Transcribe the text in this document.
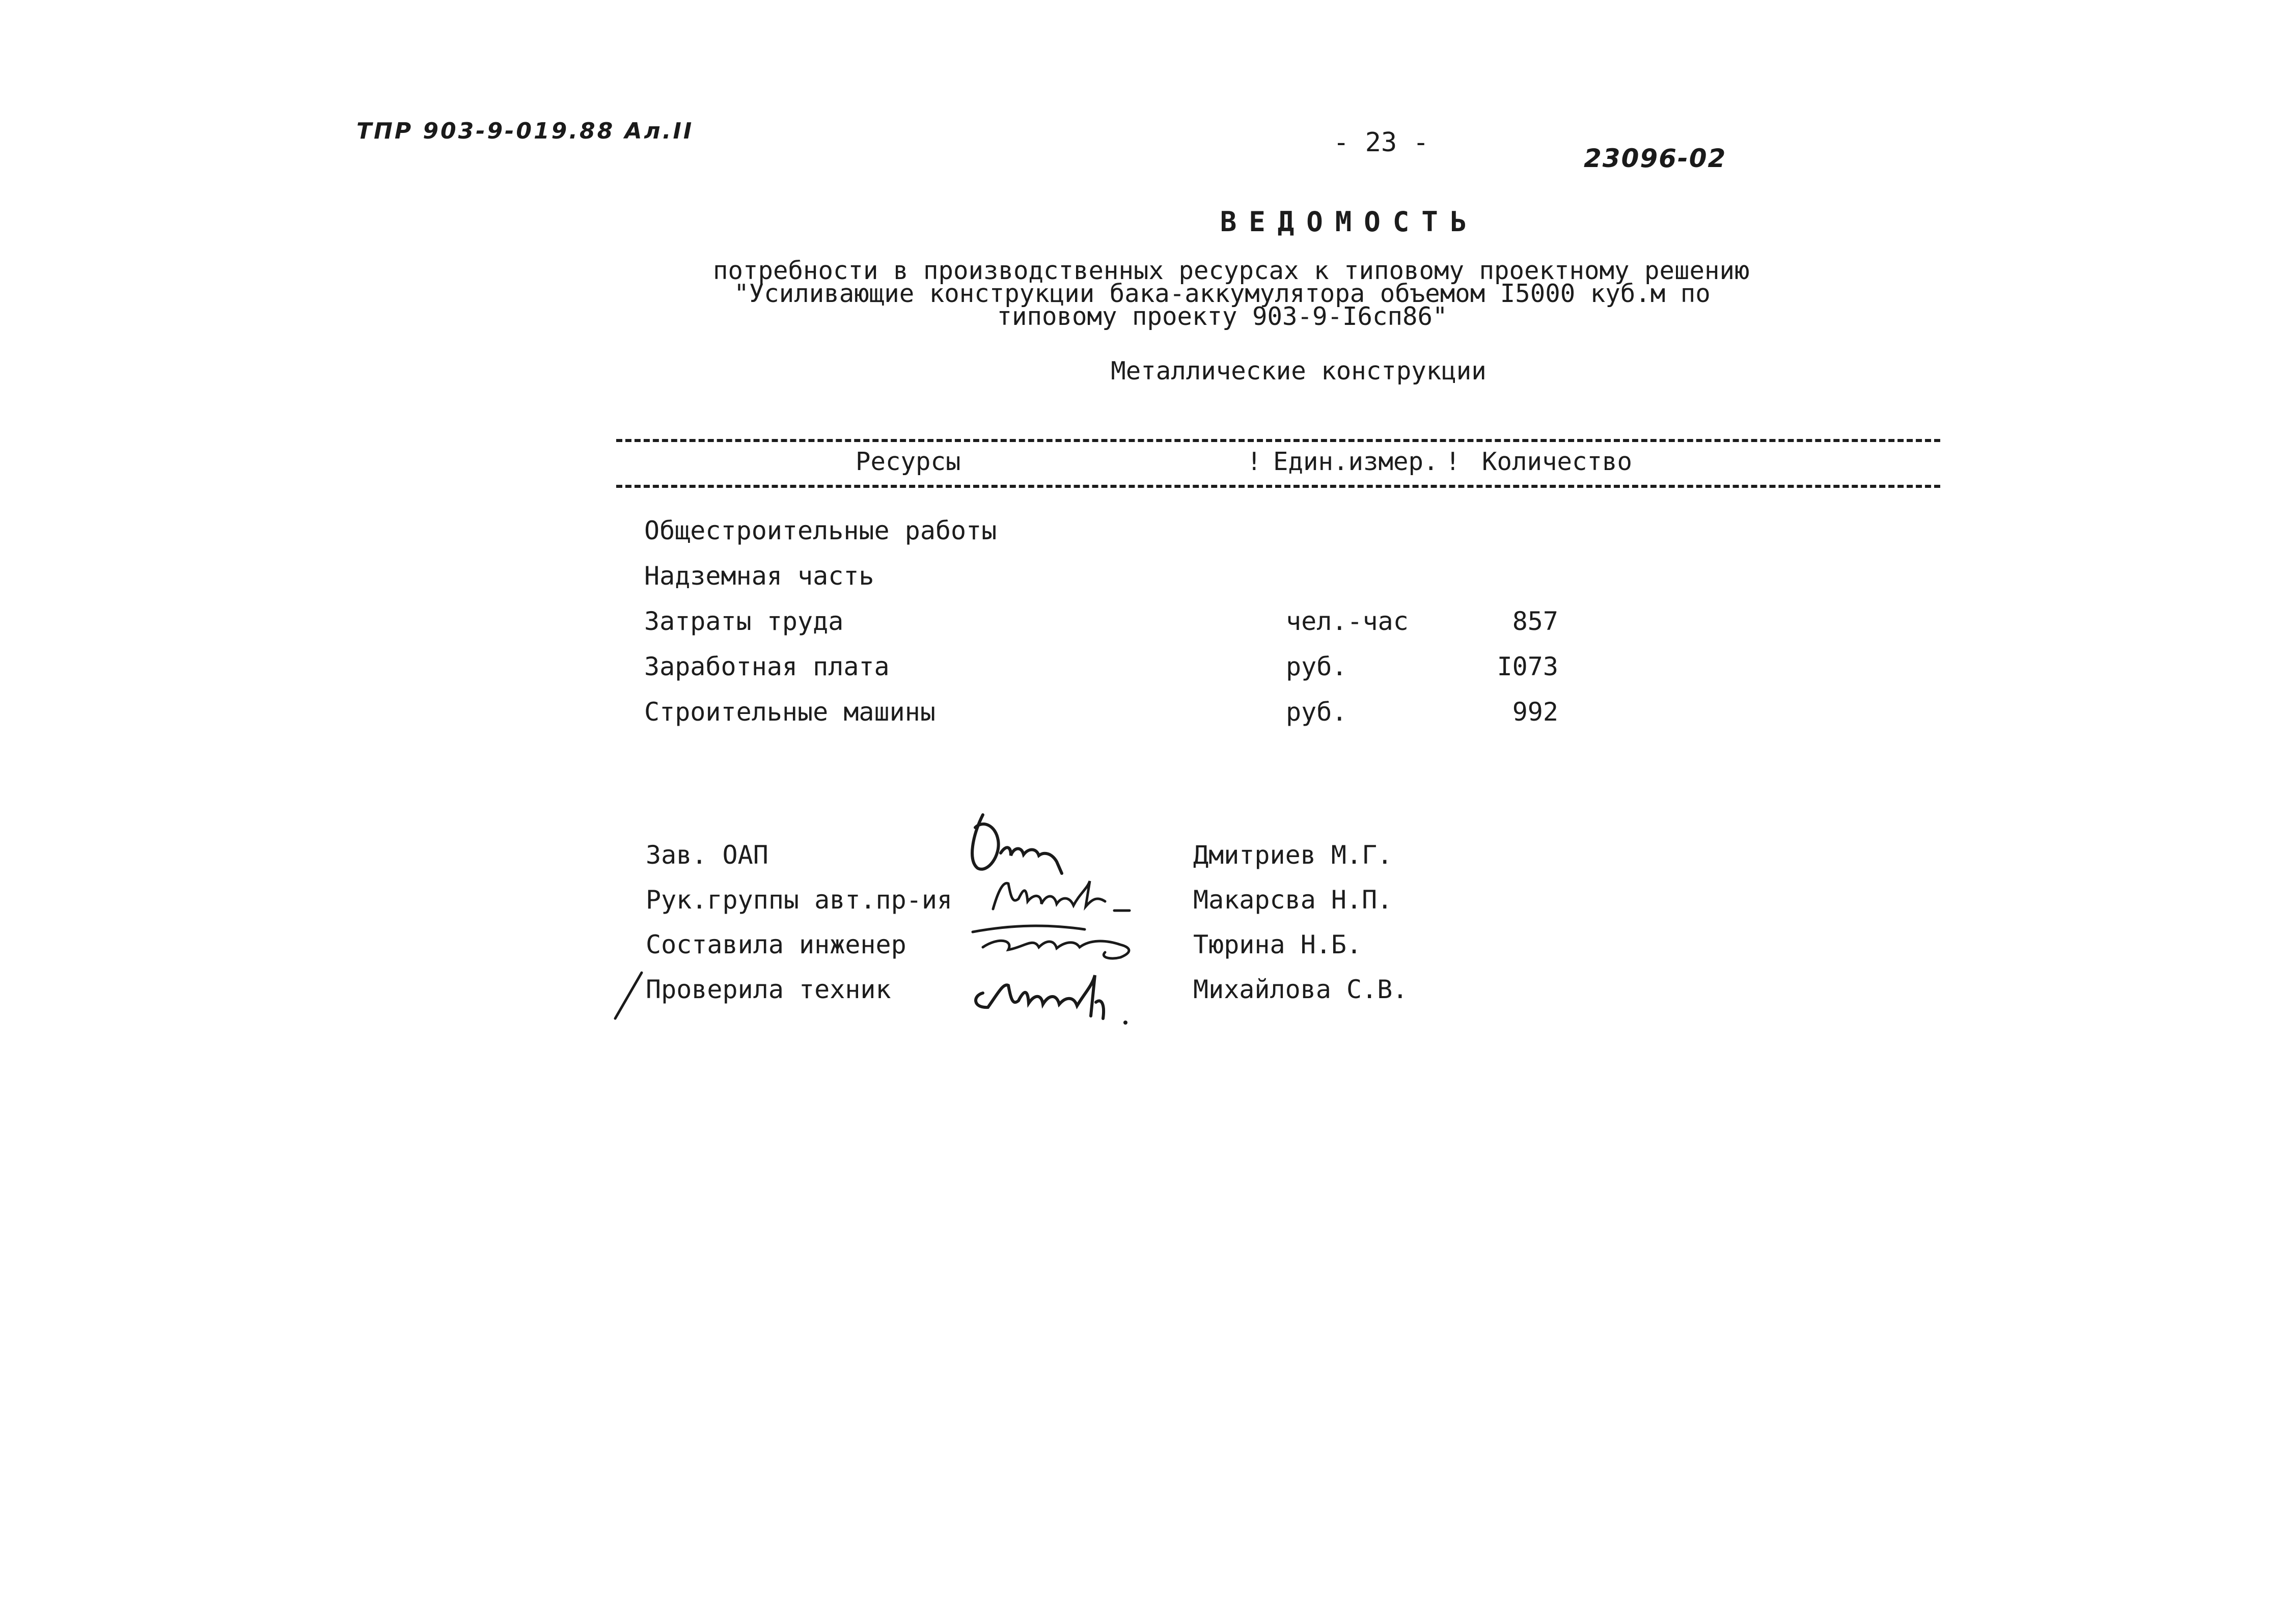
ТПР 903-9-019.88 Ал.II	- 23 -
23096-02
ВЕДОМОСТЬ
потребности в производственных ресурсах к типовому проектному решению
"Усиливающие конструкции бака-аккумулятора объемом I5000 куб.м по
типовому проекту 903-9-I6сп86"
Металлические конструкции
Ресурсы	! Един.измер. ! Количество
Общестроительные работы
Надземная часть
Затраты труда	чел.-час	857
Заработная плата	руб.	I073
Строительные машины	руб.	992
Зав. ОАП	Дмитриев М.Г.
Рук.группы авт.пр-ия	Макарсва Н.П.
Составила инженер	Тюрина Н.Б.
Проверила техник	Михайлова С.В.
